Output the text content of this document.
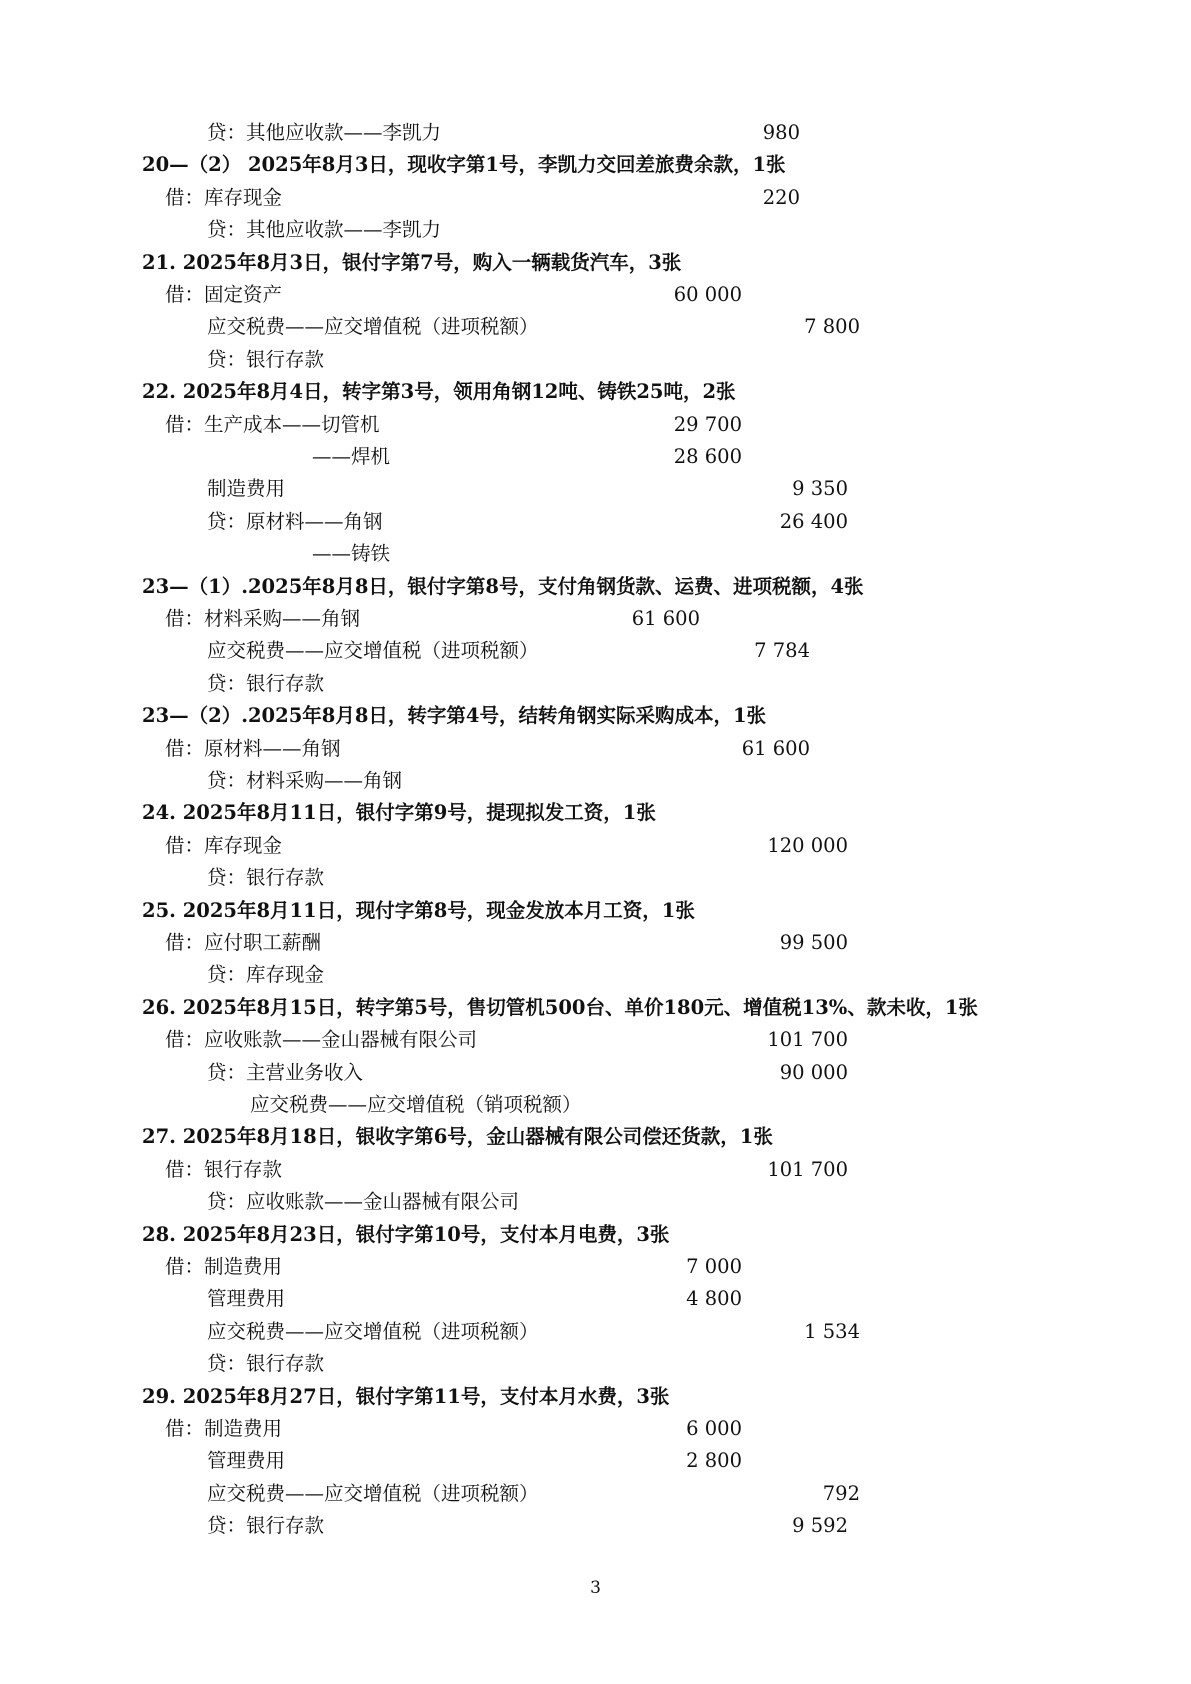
贷：其他应收款——李凯力	980
20—（2） 2025年8月3日，现收字第1号，李凯力交回差旅费余款，1张
借：库存现金	220
贷：其他应收款——李凯力
21. 2025年8月3日，银付字第7号，购入一辆载货汽车，3张
借：固定资产	60 000
应交税费——应交增值税（进项税额）	7 800
贷：银行存款
22. 2025年8月4日，转字第3号，领用角钢12吨、铸铁25吨，2张
借：生产成本——切管机	29 700
——焊机	28 600
制造费用	9 350
贷：原材料——角钢	26 400
——铸铁
23—（1）.2025年8月8日，银付字第8号，支付角钢货款、运费、进项税额，4张
借：材料采购——角钢	61 600
应交税费——应交增值税（进项税额）	7 784
贷：银行存款
23—（2）.2025年8月8日，转字第4号，结转角钢实际采购成本，1张
借：原材料——角钢	61 600
贷：材料采购——角钢
24. 2025年8月11日，银付字第9号，提现拟发工资，1张
借：库存现金	120 000
贷：银行存款
25. 2025年8月11日，现付字第8号，现金发放本月工资，1张
借：应付职工薪酬	99 500
贷：库存现金
26. 2025年8月15日，转字第5号，售切管机500台、单价180元、增值税13%、款未收，1张
借：应收账款——金山器械有限公司	101 700
贷：主营业务收入	90 000
应交税费——应交增值税（销项税额）
27. 2025年8月18日，银收字第6号，金山器械有限公司偿还货款，1张
借：银行存款	101 700
贷：应收账款——金山器械有限公司
28. 2025年8月23日，银付字第10号，支付本月电费，3张
借：制造费用	7 000
管理费用	4 800
应交税费——应交增值税（进项税额）	1 534
贷：银行存款
29. 2025年8月27日，银付字第11号，支付本月水费，3张
借：制造费用	6 000
管理费用	2 800
应交税费——应交增值税（进项税额）	792
贷：银行存款	9 592
3
